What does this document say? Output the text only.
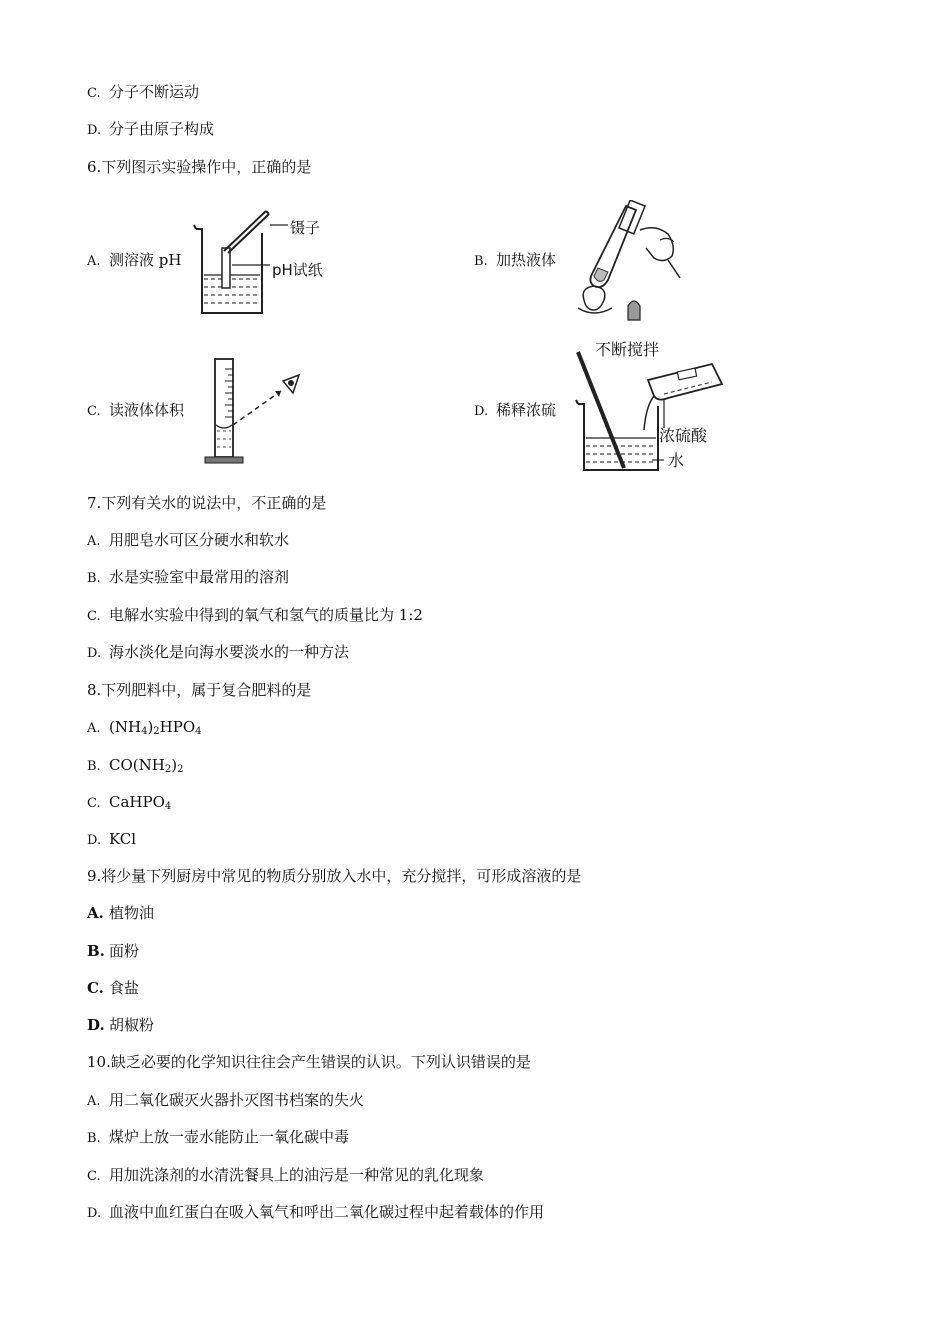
C. 分子不断运动
D. 分子由原子构成
6.下列图示实验操作中，正确的是
A. 测溶液 pH
镊子
pH试纸	B. 加热液体
C. 读液体体积	D. 稀释浓硫
不断搅拌
浓硫酸
水
7.下列有关水的说法中，不正确的是
A. 用肥皂水可区分硬水和软水
B. 水是实验室中最常用的溶剂
C. 电解水实验中得到的氧气和氢气的质量比为 1:2
D. 海水淡化是向海水要淡水的一种方法
8.下列肥料中，属于复合肥料的是
A. $(NH_4)_2HPO_4$
B. $CO(NH_2)_2$
C. CaHPO$_4$
D. KCl
9.将少量下列厨房中常见的物质分别放入水中，充分搅拌，可形成溶液的是
A. 植物油
B. 面粉
C. 食盐
D. 胡椒粉
10.缺乏必要的化学知识往往会产生错误的认识。下列认识错误的是
A. 用二氧化碳灭火器扑灭图书档案的失火
B. 煤炉上放一壶水能防止一氧化碳中毒
C. 用加洗涤剂的水清洗餐具上的油污是一种常见的乳化现象
D. 血液中血红蛋白在吸入氧气和呼出二氧化碳过程中起着载体的作用
